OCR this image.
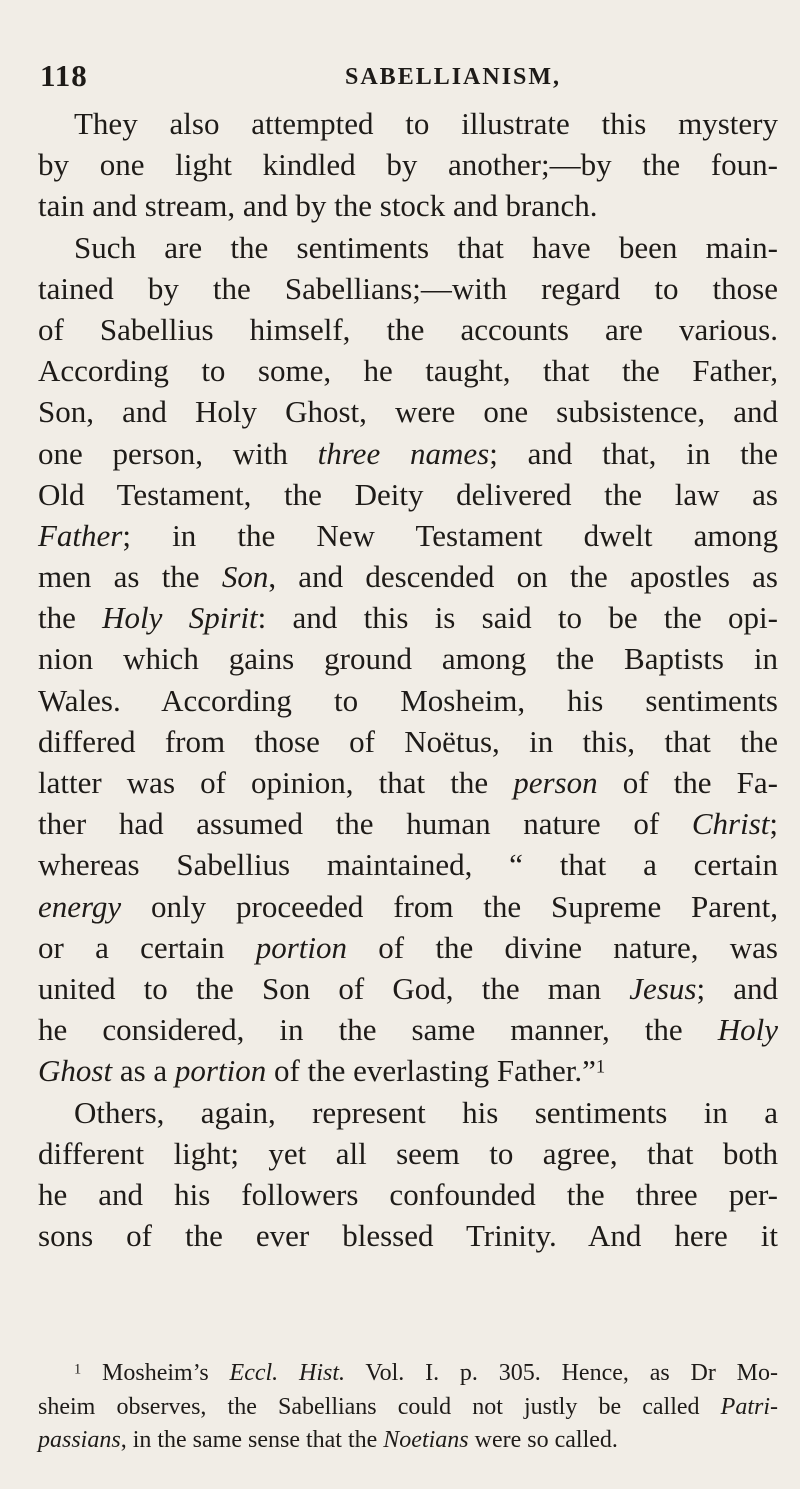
118	SABELLIANISM,
They also attempted to illustrate this mystery
by one light kindled by another;—by the foun-
tain and stream, and by the stock and branch.
Such are the sentiments that have been main-
tained by the Sabellians;—with regard to those
of Sabellius himself, the accounts are various.
According to some, he taught, that the Father,
Son, and Holy Ghost, were one subsistence, and
one person, with three names; and that, in the
Old Testament, the Deity delivered the law as
Father; in the New Testament dwelt among
men as the Son, and descended on the apostles as
the Holy Spirit: and this is said to be the opi-
nion which gains ground among the Baptists in
Wales. According to Mosheim, his sentiments
differed from those of Noëtus, in this, that the
latter was of opinion, that the person of the Fa-
ther had assumed the human nature of Christ;
whereas Sabellius maintained, “ that a certain
energy only proceeded from the Supreme Parent,
or a certain portion of the divine nature, was
united to the Son of God, the man Jesus; and
he considered, in the same manner, the Holy
Ghost as a portion of the everlasting Father.”$^1$
Others, again, represent his sentiments in a
different light; yet all seem to agree, that both
he and his followers confounded the three per-
sons of the ever blessed Trinity. And here it
$^1$ Mosheim’s Eccl. Hist. Vol. I. p. 305. Hence, as Dr Mo-
sheim observes, the Sabellians could not justly be called Patri-
passians, in the same sense that the Noetians were so called.
